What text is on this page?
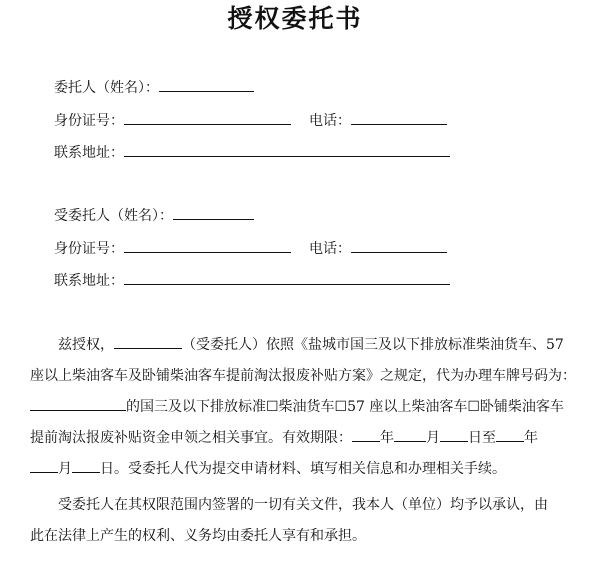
授权委托书
委托人（姓名）：
身份证号：	电话：
联系地址：
受委托人（姓名）：
身份证号：	电话：
联系地址：
兹授权，	（受委托人）依照《盐城市国三及以下排放标准柴油货车、57
座以上柴油客车及卧铺柴油客车提前淘汰报废补贴方案》之规定，代为办理车牌号码为：
的国三及以下排放标准☐柴油货车☐57 座以上柴油客车☐卧铺柴油客车
提前淘汰报废补贴资金申领之相关事宜。有效期限： 年 月 日至 年
月 日。受委托人代为提交申请材料、填写相关信息和办理相关手续。
受委托人在其权限范围内签署的一切有关文件，我本人（单位）均予以承认，由
此在法律上产生的权利、义务均由委托人享有和承担。
